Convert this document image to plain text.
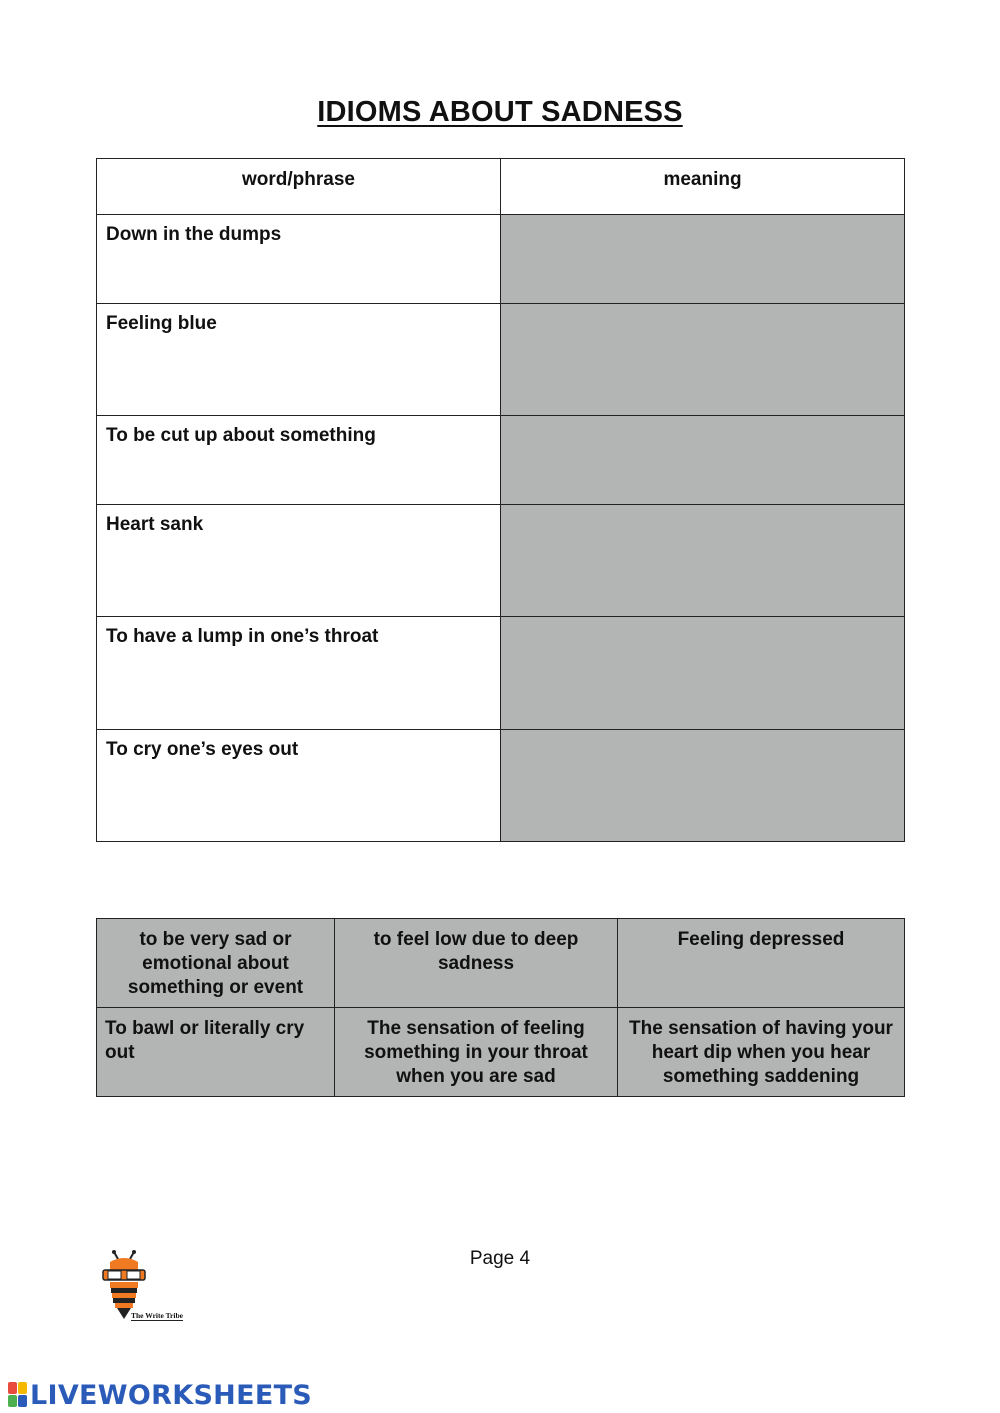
IDIOMS ABOUT SADNESS
word/phrase	meaning
Down in the dumps	
Feeling blue	
To be cut up about something	
Heart sank	
To have a lump in one’s throat	
To cry one’s eyes out	
to be very sad or emotional about something or event	to feel low due to deep sadness	Feeling depressed
To bawl or literally cry out	The sensation of feeling something in your throat when you are sad	The sensation of having your heart dip when you hear something saddening
Page 4
The Write Tribe
LIVEWORKSHEETS
